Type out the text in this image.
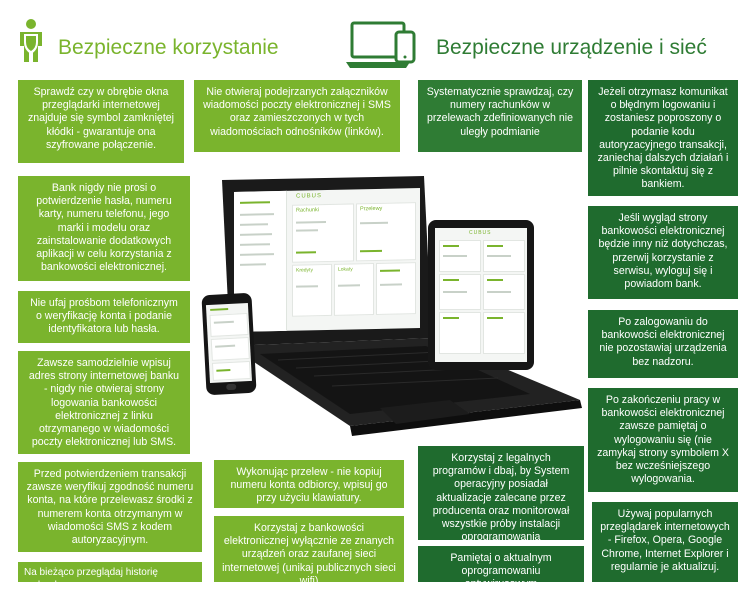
Bezpieczne korzystanie	Bezpieczne urządzenie i sieć

Sprawdź czy w obrębie okna przeglądarki internetowej znajduje się symbol zamkniętej kłódki - gwarantuje ona szyfrowane połączenie.

Nie otwieraj podejrzanych załączników wiadomości poczty elektronicznej i SMS oraz zamieszczonych w tych wiadomościach odnośników (linków).

Bank nigdy nie prosi o potwierdzenie hasła, numeru karty, numeru telefonu, jego marki i modelu oraz zainstalowanie dodatkowych aplikacji w celu korzystania z bankowości elektronicznej.

Nie ufaj prośbom telefonicznym o weryfikację konta i podanie identyfikatora lub hasła.

Zawsze samodzielnie wpisuj adres strony internetowej banku - nigdy nie otwieraj strony logowania bankowości elektronicznej z linku otrzymanego w wiadomości poczty elektronicznej lub SMS.

Przed potwierdzeniem transakcji zawsze weryfikuj zgodność numeru konta, na które przelewasz środki z numerem konta otrzymanym w wiadomości SMS z kodem autoryzacyjnym.

Wykonując przelew - nie kopiuj numeru konta odbiorcy, wpisuj go przy użyciu klawiatury.

Korzystaj z bankowości elektronicznej wyłącznie ze znanych urządzeń oraz zaufanej sieci internetowej (unikaj publicznych sieci wifi)

Na bieżąco przeglądaj historię rachunku

Systematycznie sprawdzaj, czy numery rachunków w przelewach zdefiniowanych nie uległy podmianie

Jeżeli otrzymasz komunikat o błędnym logowaniu i zostaniesz poproszony o podanie kodu autoryzacyjnego transakcji, zaniechaj dalszych działań i pilnie skontaktuj się z bankiem.

Jeśli wygląd strony bankowości elektronicznej będzie inny niż dotychczas, przerwij korzystanie z serwisu, wyloguj się i powiadom bank.

Po zalogowaniu do bankowości elektronicznej nie pozostawiaj urządzenia bez nadzoru.

Po zakończeniu pracy w bankowości elektronicznej zawsze pamiętaj o wylogowaniu się (nie zamykaj strony symbolem X bez wcześniejszego wylogowania.

Korzystaj z legalnych programów i dbaj, by System operacyjny posiadał aktualizacje zalecane przez producenta oraz monitorował wszystkie próby instalacji oprogramowania

Pamiętaj o aktualnym oprogramowaniu antywirusowym

Używaj popularnych przeglądarek internetowych - Firefox, Opera, Google Chrome, Internet Explorer i regularnie je aktualizuj.

CUBUS
Rachunki	Przelewy
Kredyty	Lokaty
CUBUS
